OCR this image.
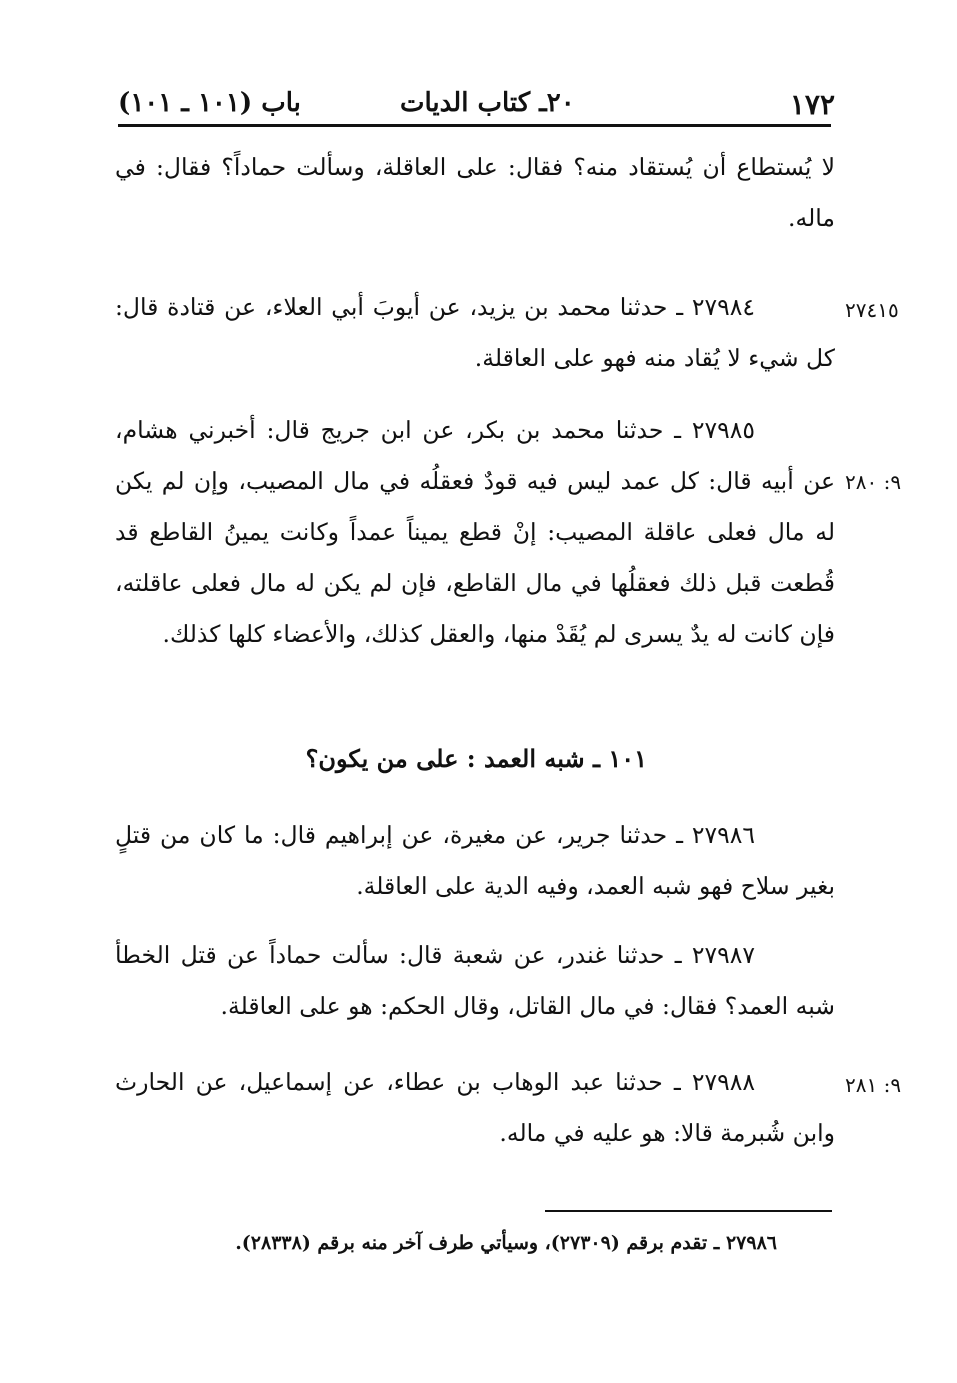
١٧٢
٢٠ـ كتاب الديات
باب (١٠١ ـ ١٠١)

لا يُستطاع أن يُستقاد منه؟ فقال: على العاقلة، وسألت حماداً؟ فقال: في ماله.

٢٧٤١٥

٢٧٩٨٤ ـ حدثنا محمد بن يزيد، عن أيوبَ أبي العلاء، عن قتادة قال: كل شيء لا يُقاد منه فهو على العاقلة.

٩: ٢٨٠

٢٧٩٨٥ ـ حدثنا محمد بن بكر، عن ابن جريج قال: أخبرني هشام، عن أبيه قال: كل عمد ليس فيه قودٌ فعقلُه في مال المصيب، وإن لم يكن له مال فعلى عاقلة المصيب: إنْ قطع يميناً عمداً وكانت يمينُ القاطع قد قُطعت قبل ذلك فعقلُها في مال القاطع، فإن لم يكن له مال فعلى عاقلته، فإن كانت له يدٌ يسرى لم يُقَدْ منها، والعقل كذلك، والأعضاء كلها كذلك.

١٠١ ـ شبه العمد : على من يكون؟

٢٧٩٨٦ ـ حدثنا جرير، عن مغيرة، عن إبراهيم قال: ما كان من قتلٍ بغير سلاح فهو شبه العمد، وفيه الدية على العاقلة.

٢٧٩٨٧ ـ حدثنا غندر، عن شعبة قال: سألت حماداً عن قتل الخطأ شبه العمد؟ فقال: في مال القاتل، وقال الحكم: هو على العاقلة.

٩: ٢٨١

٢٧٩٨٨ ـ حدثنا عبد الوهاب بن عطاء، عن إسماعيل، عن الحارث وابن شُبرمة قالا: هو عليه في ماله.

٢٧٩٨٦ ـ تقدم برقم (٢٧٣٠٩)، وسيأتي طرف آخر منه برقم (٢٨٣٣٨).
